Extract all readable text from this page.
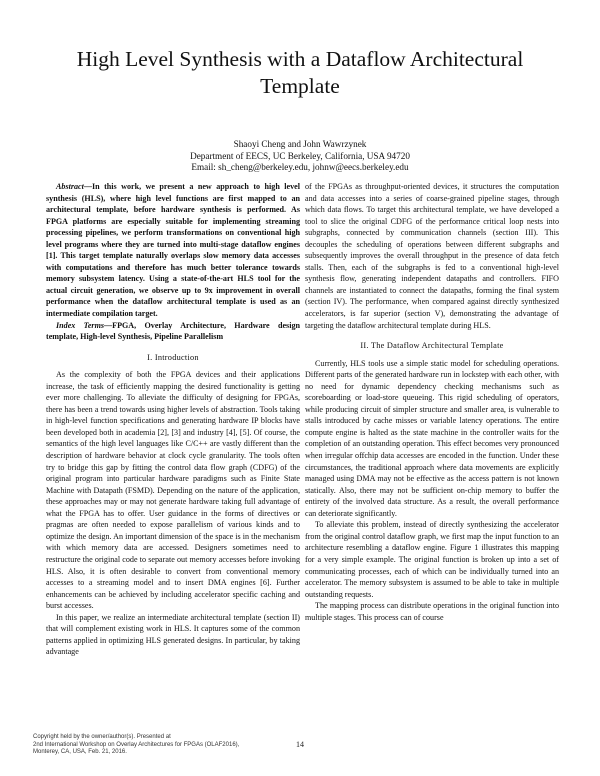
High Level Synthesis with a Dataflow Architectural Template
Shaoyi Cheng and John Wawrzynek
Department of EECS, UC Berkeley, California, USA 94720
Email: sh_cheng@berkeley.edu, johnw@eecs.berkeley.edu

Abstract—In this work, we present a new approach to high level synthesis (HLS), where high level functions are first mapped to an architectural template, before hardware synthesis is performed. As FPGA platforms are especially suitable for implementing streaming processing pipelines, we perform transformations on conventional high level programs where they are turned into multi-stage dataflow engines [1]. This target template naturally overlaps slow memory data accesses with computations and therefore has much better tolerance towards memory subsystem latency. Using a state-of-the-art HLS tool for the actual circuit generation, we observe up to 9x improvement in overall performance when the dataflow architectural template is used as an intermediate compilation target.

Index Terms—FPGA, Overlay Architecture, Hardware design template, High-level Synthesis, Pipeline Parallelism

I. Introduction

As the complexity of both the FPGA devices and their applications increase, the task of efficiently mapping the desired functionality is getting ever more challenging. To alleviate the difficulty of designing for FPGAs, there has been a trend towards using higher levels of abstraction. Tools taking in high-level function specifications and generating hardware IP blocks have been developed both in academia [2], [3] and industry [4], [5]. Of course, the semantics of the high level languages like C/C++ are vastly different than the description of hardware behavior at clock cycle granularity. The tools often try to bridge this gap by fitting the control data flow graph (CDFG) of the original program into particular hardware paradigms such as Finite State Machine with Datapath (FSMD). Depending on the nature of the application, these approaches may or may not generate hardware taking full advantage of what the FPGA has to offer. User guidance in the forms of directives or pragmas are often needed to expose parallelism of various kinds and to optimize the design. An important dimension of the space is in the mechanism with which memory data are accessed. Designers sometimes need to restructure the original code to separate out memory accesses before invoking HLS. Also, it is often desirable to convert from conventional memory accesses to a streaming model and to insert DMA engines [6]. Further enhancements can be achieved by including accelerator specific caching and burst accesses.

In this paper, we realize an intermediate architectural template (section II) that will complement existing work in HLS. It captures some of the common patterns applied in optimizing HLS generated designs. In particular, by taking advantage

of the FPGAs as throughput-oriented devices, it structures the computation and data accesses into a series of coarse-grained pipeline stages, through which data flows. To target this architectural template, we have developed a tool to slice the original CDFG of the performance critical loop nests into subgraphs, connected by communication channels (section III). This decouples the scheduling of operations between different subgraphs and subsequently improves the overall throughput in the presence of data fetch stalls. Then, each of the subgraphs is fed to a conventional high-level synthesis flow, generating independent datapaths and controllers. FIFO channels are instantiated to connect the datapaths, forming the final system (section IV). The performance, when compared against directly synthesized accelerators, is far superior (section V), demonstrating the advantage of targeting the dataflow architectural template during HLS.

II. The Dataflow Architectural Template

Currently, HLS tools use a simple static model for scheduling operations. Different parts of the generated hardware run in lockstep with each other, with no need for dynamic dependency checking mechanisms such as scoreboarding or load-store queueing. This rigid scheduling of operators, while producing circuit of simpler structure and smaller area, is vulnerable to stalls introduced by cache misses or variable latency operations. The entire compute engine is halted as the state machine in the controller waits for the completion of an outstanding operation. This effect becomes very pronounced when irregular offchip data accesses are encoded in the function. Under these circumstances, the traditional approach where data movements are explicitly managed using DMA may not be effective as the access pattern is not known statically. Also, there may not be sufficient on-chip memory to buffer the entirety of the involved data structure. As a result, the overall performance can deteriorate significantly.

To alleviate this problem, instead of directly synthesizing the accelerator from the original control dataflow graph, we first map the input function to an architecture resembling a dataflow engine. Figure 1 illustrates this mapping for a very simple example. The original function is broken up into a set of communicating processes, each of which can be individually turned into an accelerator. The memory subsystem is assumed to be able to take in multiple outstanding requests.

The mapping process can distribute operations in the original function into multiple stages. This process can of course

Copyright held by the owner/author(s). Presented at
2nd International Workshop on Overlay Architectures for FPGAs (OLAF2016),
Monterey, CA, USA, Feb. 21, 2016.
14
